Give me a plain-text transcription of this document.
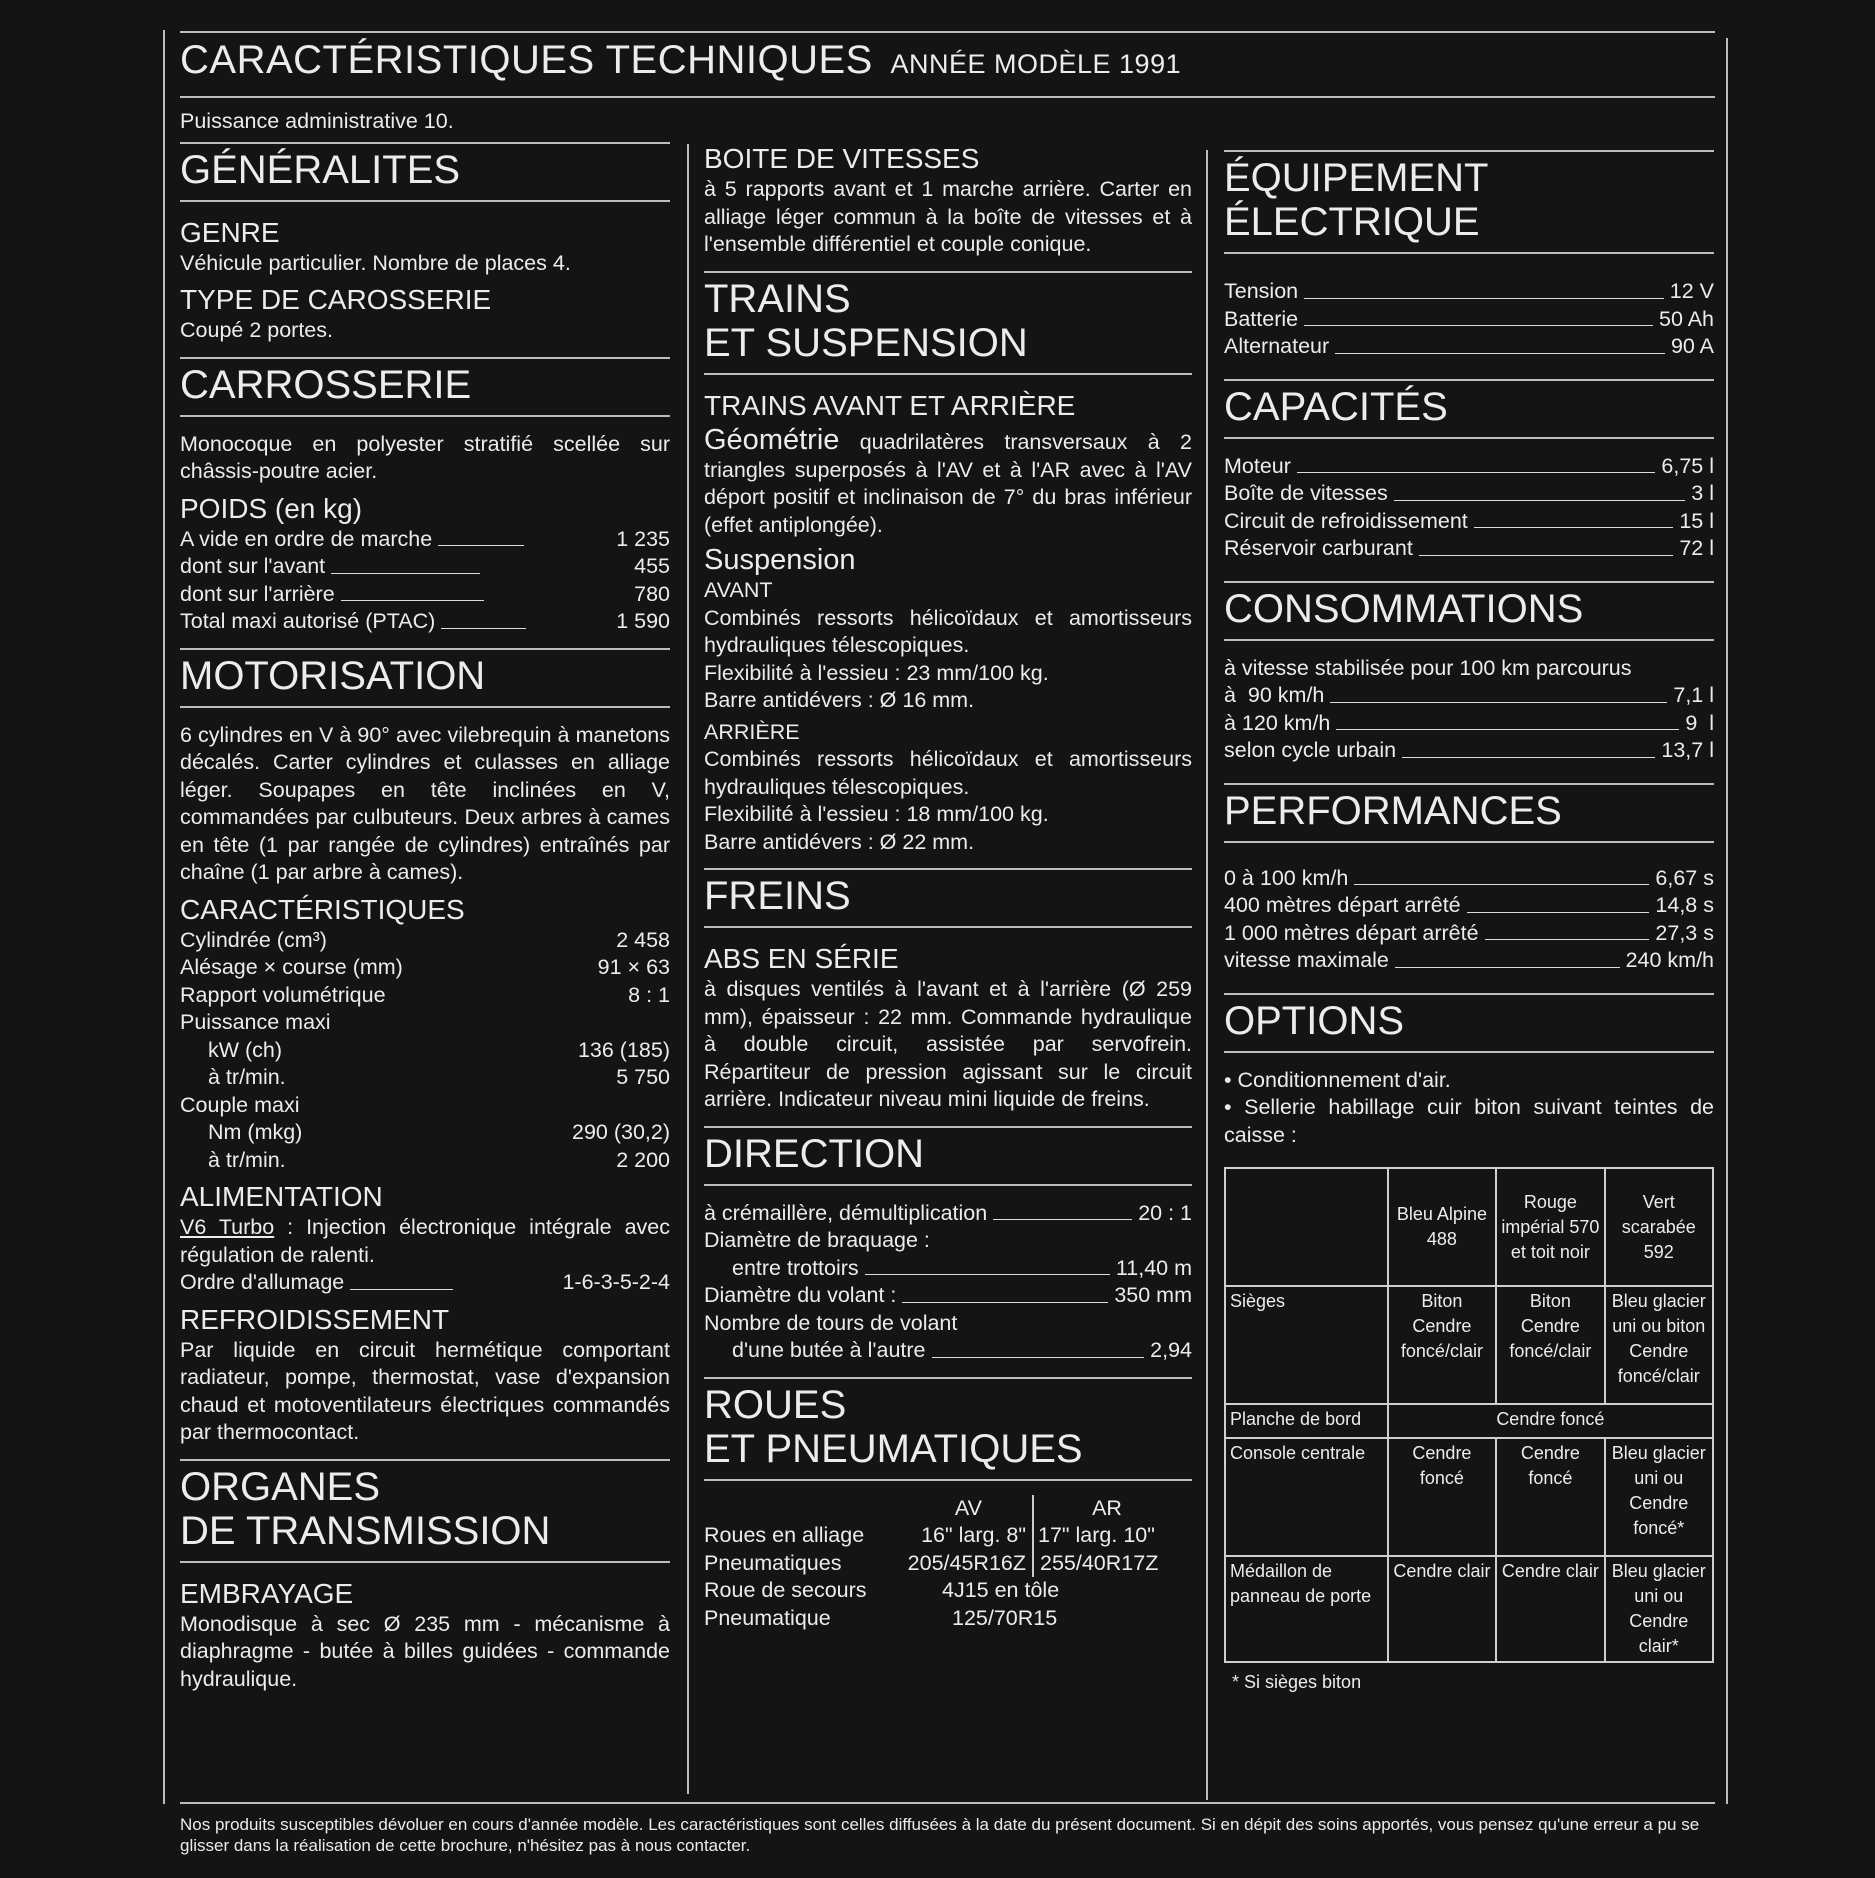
CARACTÉRISTIQUES TECHNIQUES ANNÉE MODÈLE 1991
Puissance administrative 10.
GÉNÉRALITES
GENRE
Véhicule particulier. Nombre de places 4.
TYPE DE CAROSSERIE
Coupé 2 portes.
CARROSSERIE
Monocoque en polyester stratifié scellée sur châssis-poutre acier.
POIDS (en kg)
A vide en ordre de marche	1 235
dont sur l'avant	455
dont sur l'arrière	780
Total maxi autorisé (PTAC)	1 590
MOTORISATION
6 cylindres en V à 90° avec vilebrequin à manetons décalés. Carter cylindres et culasses en alliage léger. Soupapes en tête inclinées en V, commandées par culbuteurs. Deux arbres à cames en tête (1 par rangée de cylindres) entraînés par chaîne (1 par arbre à cames).
CARACTÉRISTIQUES
Cylindrée (cm³)	2 458
Alésage × course (mm)	91 × 63
Rapport volumétrique	8 : 1
Puissance maxi
kW (ch)	136 (185)
à tr/min.	5 750
Couple maxi
Nm (mkg)	290 (30,2)
à tr/min.	2 200
ALIMENTATION
V6 Turbo : Injection électronique intégrale avec régulation de ralenti.
Ordre d'allumage	1-6-3-5-2-4
REFROIDISSEMENT
Par liquide en circuit hermétique comportant radiateur, pompe, thermostat, vase d'expansion chaud et motoventilateurs électriques commandés par thermocontact.
ORGANES
DE TRANSMISSION
EMBRAYAGE
Monodisque à sec Ø 235 mm - mécanisme à diaphragme - butée à billes guidées - commande hydraulique.
BOITE DE VITESSES
à 5 rapports avant et 1 marche arrière. Carter en alliage léger commun à la boîte de vitesses et à l'ensemble différentiel et couple conique.
TRAINS
ET SUSPENSION
TRAINS AVANT ET ARRIÈRE
Géométrie quadrilatères transversaux à 2 triangles superposés à l'AV et à l'AR avec à l'AV déport positif et inclinaison de 7° du bras inférieur (effet antiplongée).
Suspension
AVANT
Combinés ressorts hélicoïdaux et amortisseurs hydrauliques télescopiques.
Flexibilité à l'essieu : 23 mm/100 kg.
Barre antidévers : Ø 16 mm.
ARRIÈRE
Combinés ressorts hélicoïdaux et amortisseurs hydrauliques télescopiques.
Flexibilité à l'essieu : 18 mm/100 kg.
Barre antidévers : Ø 22 mm.
FREINS
ABS EN SÉRIE
à disques ventilés à l'avant et à l'arrière (Ø 259 mm), épaisseur : 22 mm. Commande hydraulique à double circuit, assistée par servofrein. Répartiteur de pression agissant sur le circuit arrière. Indicateur niveau mini liquide de freins.
DIRECTION
à crémaillère, démultiplication	20 : 1
Diamètre de braquage :
entre trottoirs	11,40 m
Diamètre du volant :	350 mm
Nombre de tours de volant
d'une butée à l'autre	2,94
ROUES
ET PNEUMATIQUES
AV	AR
Roues en alliage	16" larg. 8" 17" larg. 10"
Pneumatiques	205/45R16Z 255/40R17Z
Roue de secours	4J15 en tôle
Pneumatique	125/70R15
ÉQUIPEMENT
ÉLECTRIQUE
Tension	12 V
Batterie	50 Ah
Alternateur	90 A
CAPACITÉS
Moteur	6,75 l
Boîte de vitesses	3 l
Circuit de refroidissement	15 l
Réservoir carburant	72 l
CONSOMMATIONS
à vitesse stabilisée pour 100 km parcourus
à  90 km/h	7,1 l
à 120 km/h	9  l
selon cycle urbain	13,7 l
PERFORMANCES
0 à 100 km/h	6,67 s
400 mètres départ arrêté	14,8 s
1 000 mètres départ arrêté	27,3 s
vitesse maximale	240 km/h
OPTIONS
• Conditionnement d'air.
• Sellerie habillage cuir biton suivant teintes de caisse :
	Bleu Alpine 488	Rouge impérial 570 et toit noir	Vert scarabée 592
Sièges	Biton Cendre foncé/clair	Biton Cendre foncé/clair	Bleu glacier uni ou biton Cendre foncé/clair
Planche de bord	Cendre foncé		
Console centrale	Cendre foncé	Cendre foncé	Bleu glacier uni ou Cendre foncé*
Médaillon de panneau de porte	Cendre clair	Cendre clair	Bleu glacier uni ou Cendre clair*
* Si sièges biton
Nos produits susceptibles dévoluer en cours d'année modèle. Les caractéristiques sont celles diffusées à la date du présent document. Si en dépit des soins apportés, vous pensez qu'une erreur a pu se glisser dans la réalisation de cette brochure, n'hésitez pas à nous contacter.
